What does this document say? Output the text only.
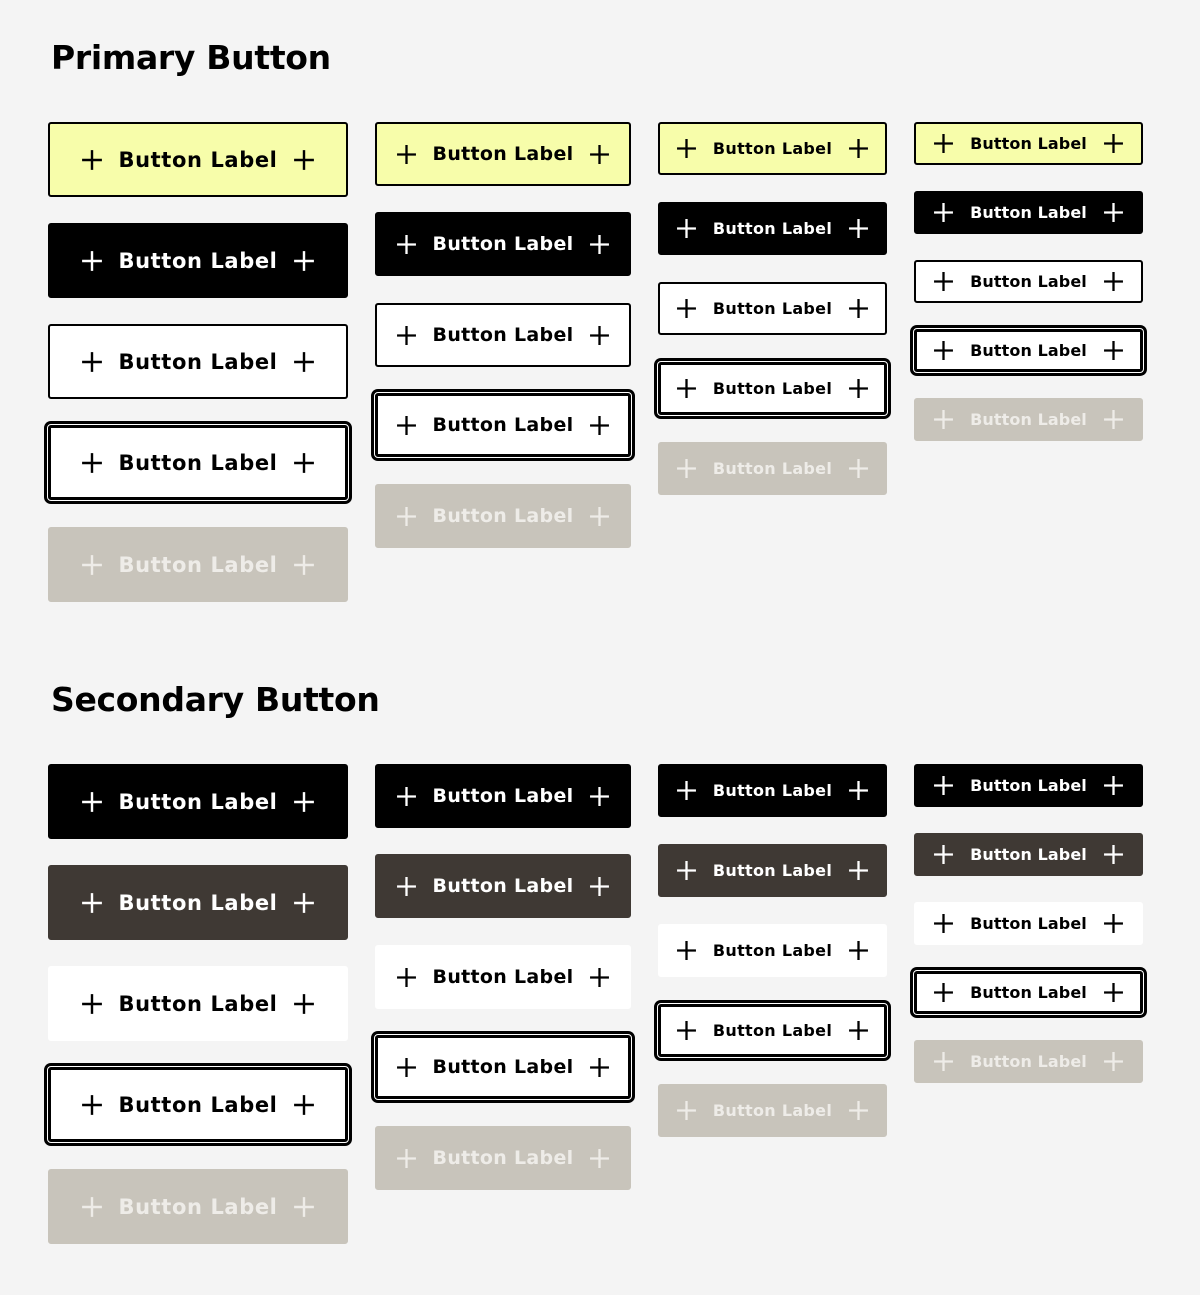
Primary Button
Button Label
Button Label
Button Label
Button Label
Button Label
Button Label
Button Label
Button Label
Button Label
Button Label
Button Label
Button Label
Button Label
Button Label
Button Label
Button Label
Button Label
Button Label
Button Label
Button Label
Secondary Button
Button Label
Button Label
Button Label
Button Label
Button Label
Button Label
Button Label
Button Label
Button Label
Button Label
Button Label
Button Label
Button Label
Button Label
Button Label
Button Label
Button Label
Button Label
Button Label
Button Label
